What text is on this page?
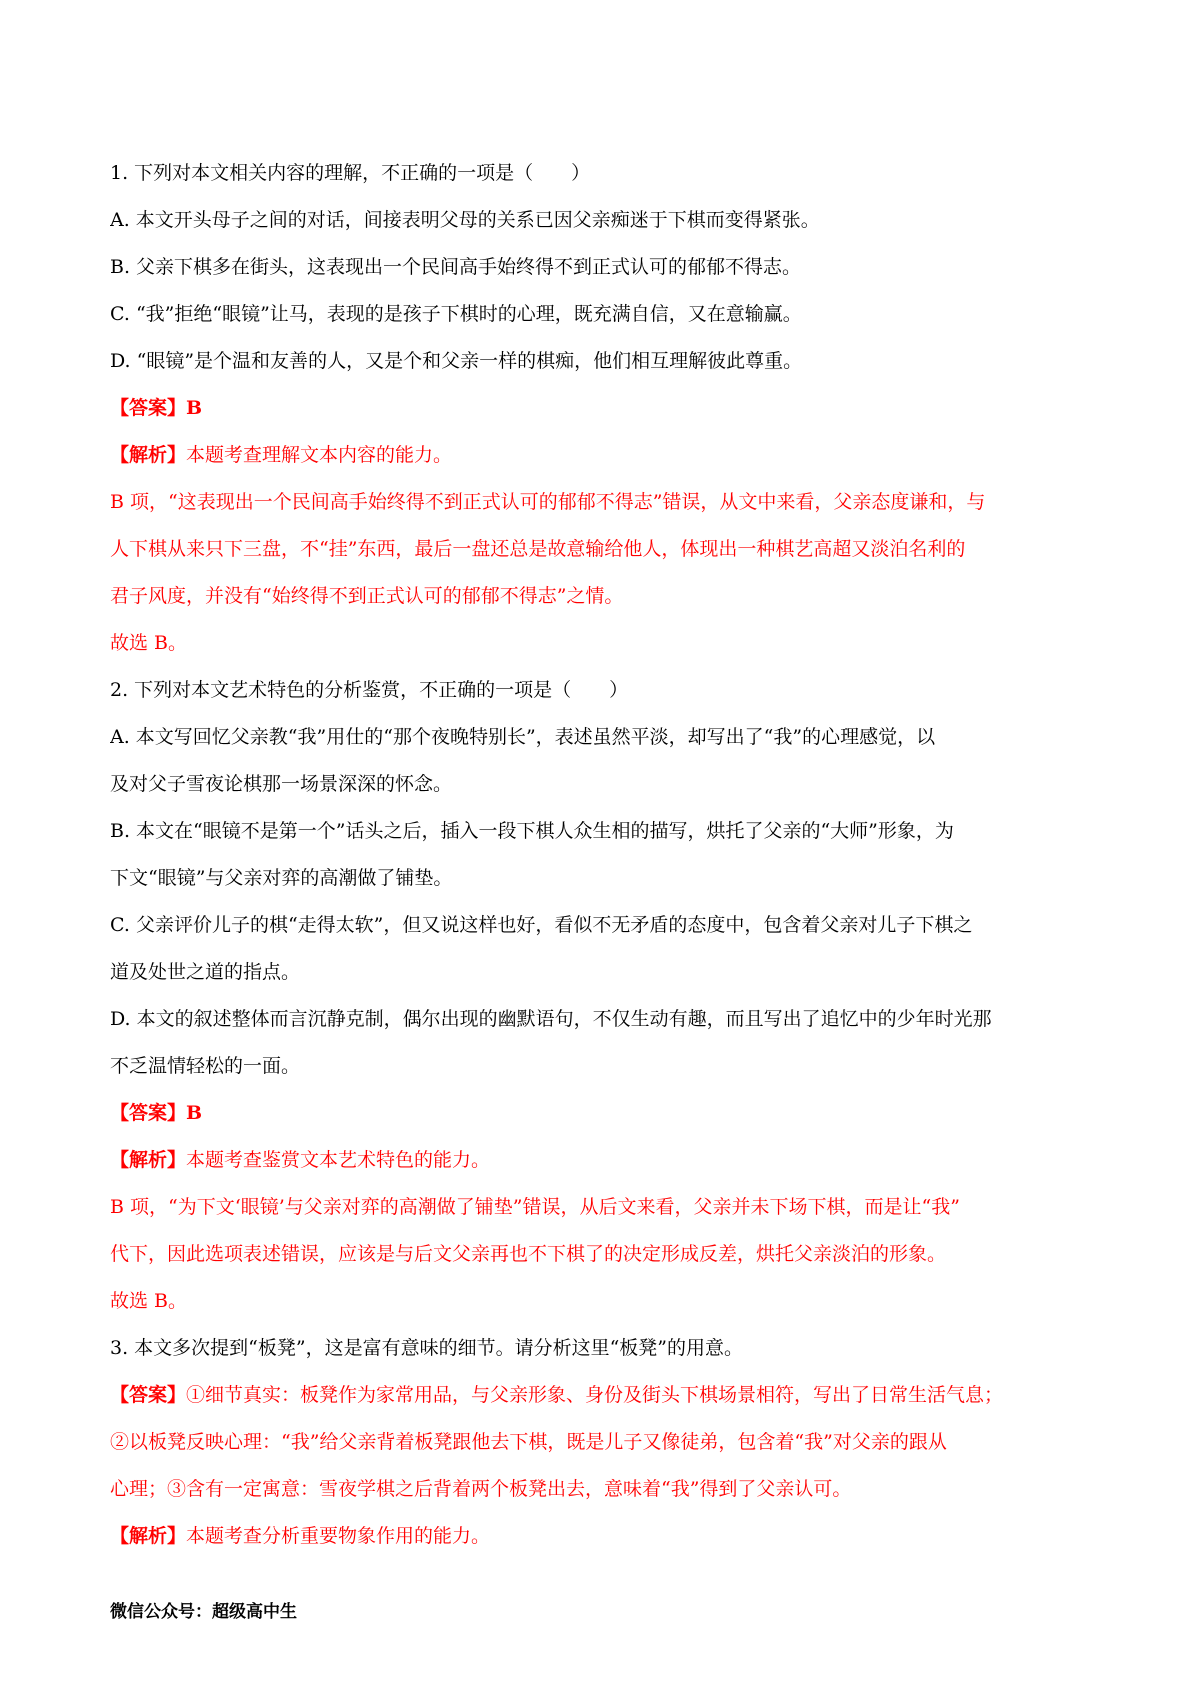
1. 下列对本文相关内容的理解，不正确的一项是（　　）
A. 本文开头母子之间的对话，间接表明父母的关系已因父亲痴迷于下棋而变得紧张。
B. 父亲下棋多在街头，这表现出一个民间高手始终得不到正式认可的郁郁不得志。
C. “我”拒绝“眼镜”让马，表现的是孩子下棋时的心理，既充满自信，又在意输赢。
D. “眼镜”是个温和友善的人，又是个和父亲一样的棋痴，他们相互理解彼此尊重。
【答案】B
【解析】本题考查理解文本内容的能力。
B 项，“这表现出一个民间高手始终得不到正式认可的郁郁不得志”错误，从文中来看，父亲态度谦和，与
人下棋从来只下三盘，不“挂”东西，最后一盘还总是故意输给他人，体现出一种棋艺高超又淡泊名利的
君子风度，并没有“始终得不到正式认可的郁郁不得志”之情。
故选 B。
2. 下列对本文艺术特色的分析鉴赏，不正确的一项是（　　）
A. 本文写回忆父亲教“我”用仕的“那个夜晚特别长”，表述虽然平淡，却写出了“我”的心理感觉，以
及对父子雪夜论棋那一场景深深的怀念。
B. 本文在“眼镜不是第一个”话头之后，插入一段下棋人众生相的描写，烘托了父亲的“大师”形象，为
下文“眼镜”与父亲对弈的高潮做了铺垫。
C. 父亲评价儿子的棋“走得太软”，但又说这样也好，看似不无矛盾的态度中，包含着父亲对儿子下棋之
道及处世之道的指点。
D. 本文的叙述整体而言沉静克制，偶尔出现的幽默语句，不仅生动有趣，而且写出了追忆中的少年时光那
不乏温情轻松的一面。
【答案】B
【解析】本题考查鉴赏文本艺术特色的能力。
B 项，“为下文‘眼镜’与父亲对弈的高潮做了铺垫”错误，从后文来看，父亲并未下场下棋，而是让“我”
代下，因此选项表述错误，应该是与后文父亲再也不下棋了的决定形成反差，烘托父亲淡泊的形象。
故选 B。
3. 本文多次提到“板凳”，这是富有意味的细节。请分析这里“板凳”的用意。
【答案】①细节真实：板凳作为家常用品，与父亲形象、身份及街头下棋场景相符，写出了日常生活气息；
②以板凳反映心理：“我”给父亲背着板凳跟他去下棋，既是儿子又像徒弟，包含着“我”对父亲的跟从
心理；③含有一定寓意：雪夜学棋之后背着两个板凳出去，意味着“我”得到了父亲认可。
【解析】本题考查分析重要物象作用的能力。
微信公众号：超级高中生
